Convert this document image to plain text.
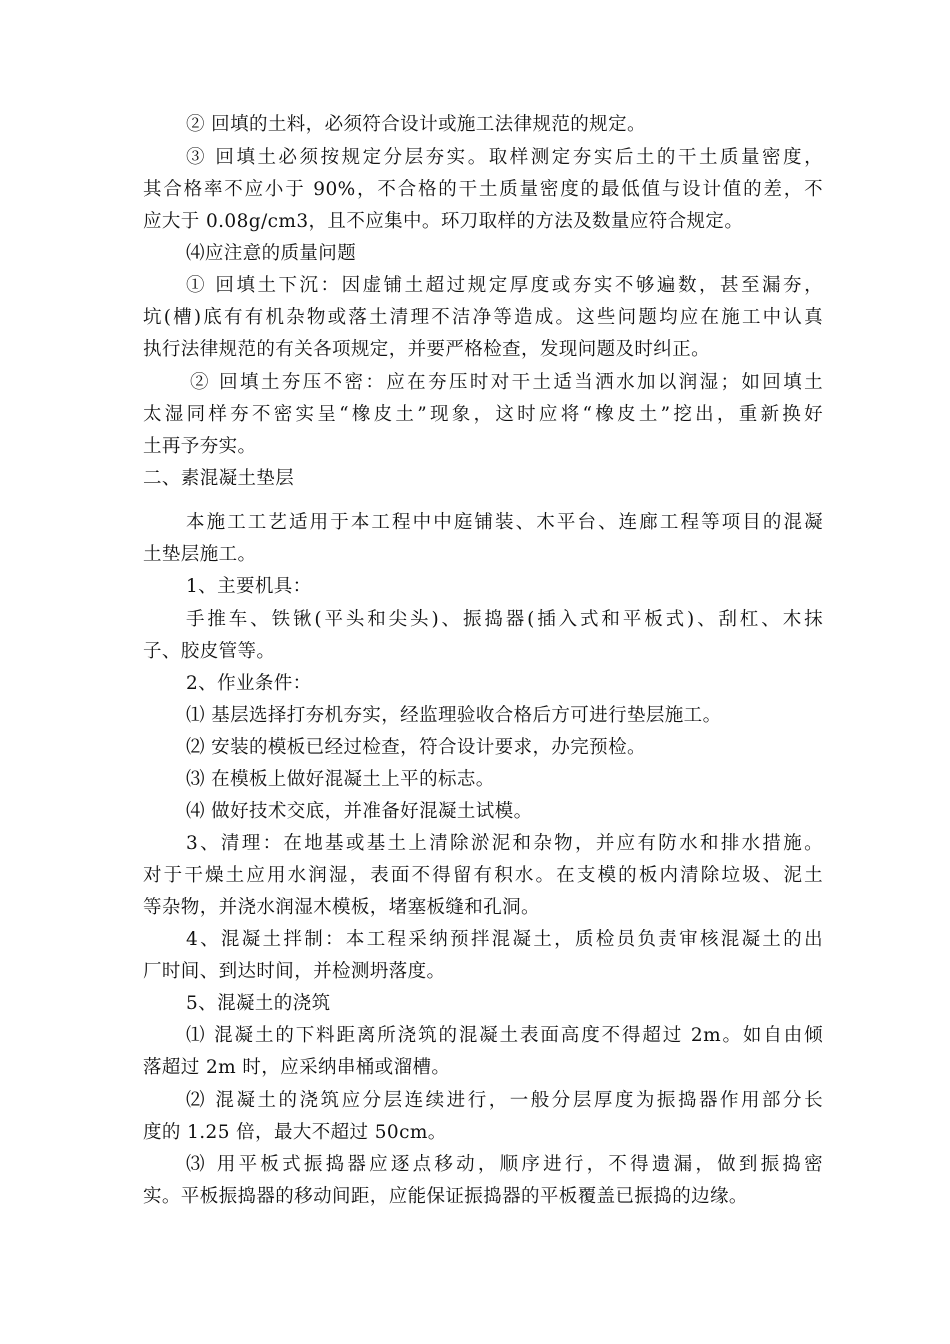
② 回填的土料，必须符合设计或施工法律规范的规定。
③ 回填土必须按规定分层夯实。取样测定夯实后土的干土质量密度，
其合格率不应小于 90%，不合格的干土质量密度的最低值与设计值的差，不
应大于 0.08g/cm3，且不应集中。环刀取样的方法及数量应符合规定。
⑷应注意的质量问题
① 回填土下沉：因虚铺土超过规定厚度或夯实不够遍数，甚至漏夯，
坑(槽)底有有机杂物或落土清理不洁净等造成。这些问题均应在施工中认真
执行法律规范的有关各项规定，并要严格检查，发现问题及时纠正。
② 回填土夯压不密：应在夯压时对干土适当洒水加以润湿；如回填土
太湿同样夯不密实呈“橡皮土”现象，这时应将“橡皮土”挖出，重新换好
土再予夯实。
二、素混凝土垫层
本施工工艺适用于本工程中中庭铺装、木平台、连廊工程等项目的混凝
土垫层施工。
1、主要机具：
手推车、铁锹(平头和尖头)、振捣器(插入式和平板式)、刮杠、木抹
子、胶皮管等。
2、作业条件：
⑴ 基层选择打夯机夯实，经监理验收合格后方可进行垫层施工。
⑵ 安装的模板已经过检查，符合设计要求，办完预检。
⑶ 在模板上做好混凝土上平的标志。
⑷ 做好技术交底，并准备好混凝土试模。
3、清理：在地基或基土上清除淤泥和杂物，并应有防水和排水措施。
对于干燥土应用水润湿，表面不得留有积水。在支模的板内清除垃圾、泥土
等杂物，并浇水润湿木模板，堵塞板缝和孔洞。
4、混凝土拌制：本工程采纳预拌混凝土，质检员负责审核混凝土的出
厂时间、到达时间，并检测坍落度。
5、混凝土的浇筑
⑴ 混凝土的下料距离所浇筑的混凝土表面高度不得超过 2m。如自由倾
落超过 2m 时，应采纳串桶或溜槽。
⑵ 混凝土的浇筑应分层连续进行，一般分层厚度为振捣器作用部分长
度的 1.25 倍，最大不超过 50cm。
⑶ 用平板式振捣器应逐点移动，顺序进行，不得遗漏，做到振捣密
实。平板振捣器的移动间距，应能保证振捣器的平板覆盖已振捣的边缘。
